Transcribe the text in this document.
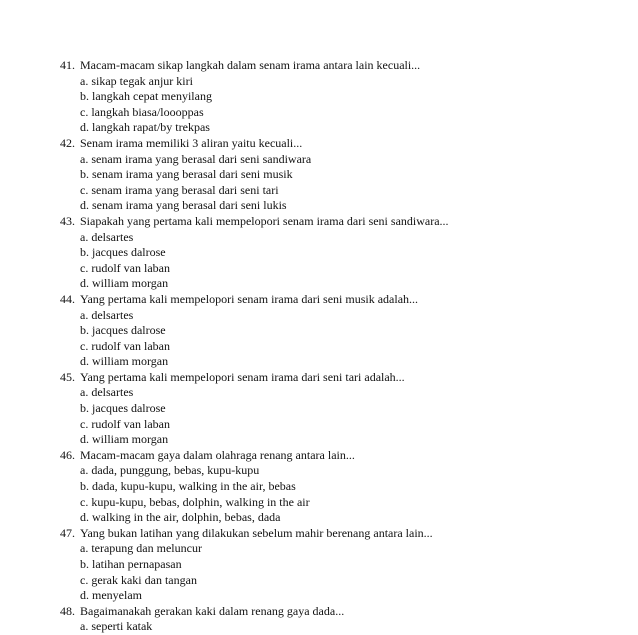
41. Macam-macam sikap langkah dalam senam irama antara lain kecuali...
a. sikap tegak anjur kiri
b. langkah cepat menyilang
c. langkah biasa/loooppas
d. langkah rapat/by trekpas
42. Senam irama memiliki 3 aliran yaitu kecuali...
a. senam irama yang berasal dari seni sandiwara
b. senam irama yang berasal dari seni musik
c. senam irama yang berasal dari seni tari
d. senam irama yang berasal dari seni lukis
43. Siapakah yang pertama kali mempelopori senam irama dari seni sandiwara...
a. delsartes
b. jacques dalrose
c. rudolf van laban
d. william morgan
44. Yang pertama kali mempelopori senam irama dari seni musik adalah...
a. delsartes
b. jacques dalrose
c. rudolf van laban
d. william morgan
45. Yang pertama kali mempelopori senam irama dari seni tari adalah...
a. delsartes
b. jacques dalrose
c. rudolf van laban
d. william morgan
46. Macam-macam gaya dalam olahraga renang antara lain...
a. dada, punggung, bebas, kupu-kupu
b. dada, kupu-kupu, walking in the air, bebas
c. kupu-kupu, bebas, dolphin, walking in the air
d. walking in the air, dolphin, bebas, dada
47. Yang bukan latihan yang dilakukan sebelum mahir berenang antara lain...
a. terapung dan meluncur
b. latihan pernapasan
c. gerak kaki dan tangan
d. menyelam
48. Bagaimanakah gerakan kaki dalam renang gaya dada...
a. seperti katak
